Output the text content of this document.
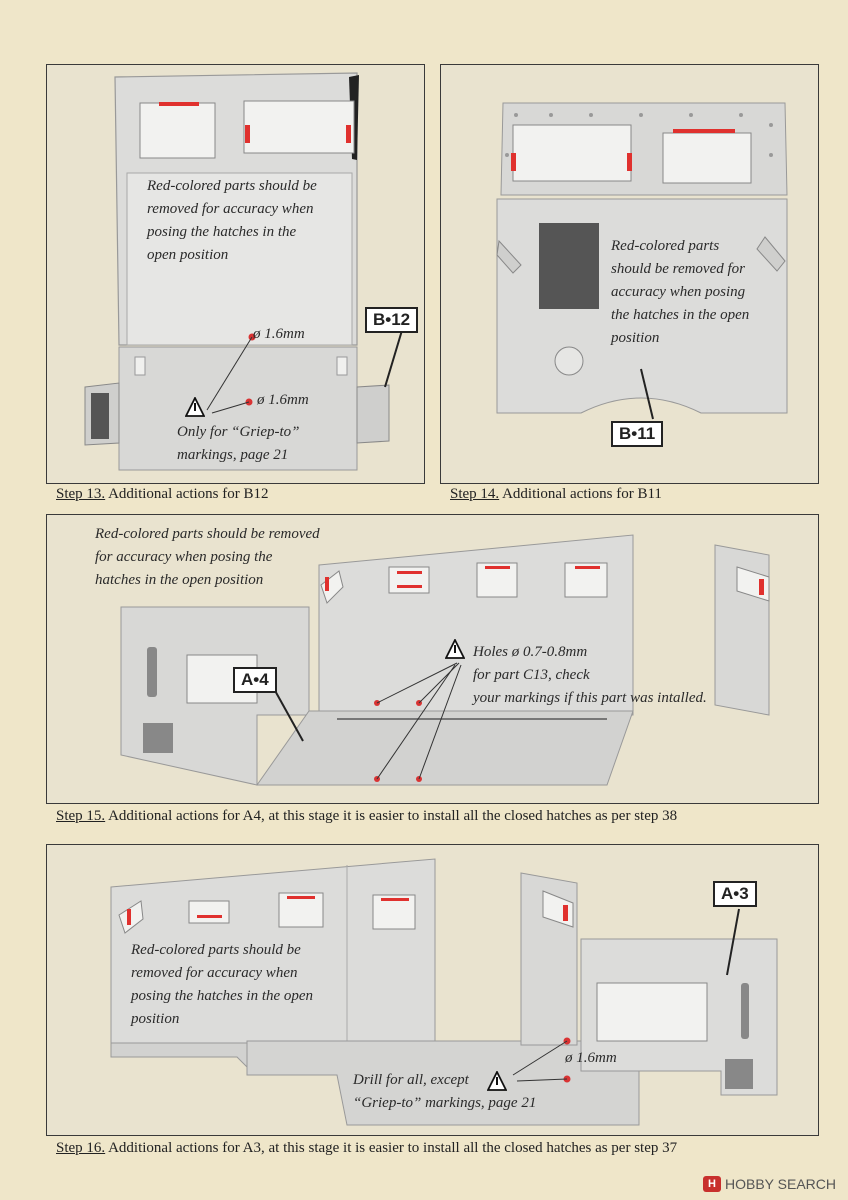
Red-colored parts should be
removed for accuracy when
posing the hatches in the
open position
ø 1.6mm
ø 1.6mm
Only for “Griep-to”
markings, page 21
B•12
Step 13. Additional actions for B12
Red-colored parts
should be removed for
accuracy when posing
the hatches in the open
position
B•11
Step 14. Additional actions for B11
Red-colored parts should be removed
for accuracy when posing the
hatches in the open position
Holes ø 0.7-0.8mm
for part C13, check
your markings if this part was intalled.
A•4
Step 15. Additional actions for A4, at this stage it is easier to install all the closed hatches as per step 38
Red-colored parts should be
removed for accuracy when
posing the hatches in the open
position
ø 1.6mm
Drill for all, except
“Griep-to” markings, page 21
A•3
Step 16. Additional actions for A3, at this stage it is easier to install all the closed hatches as per step 37
H HOBBY SEARCH
